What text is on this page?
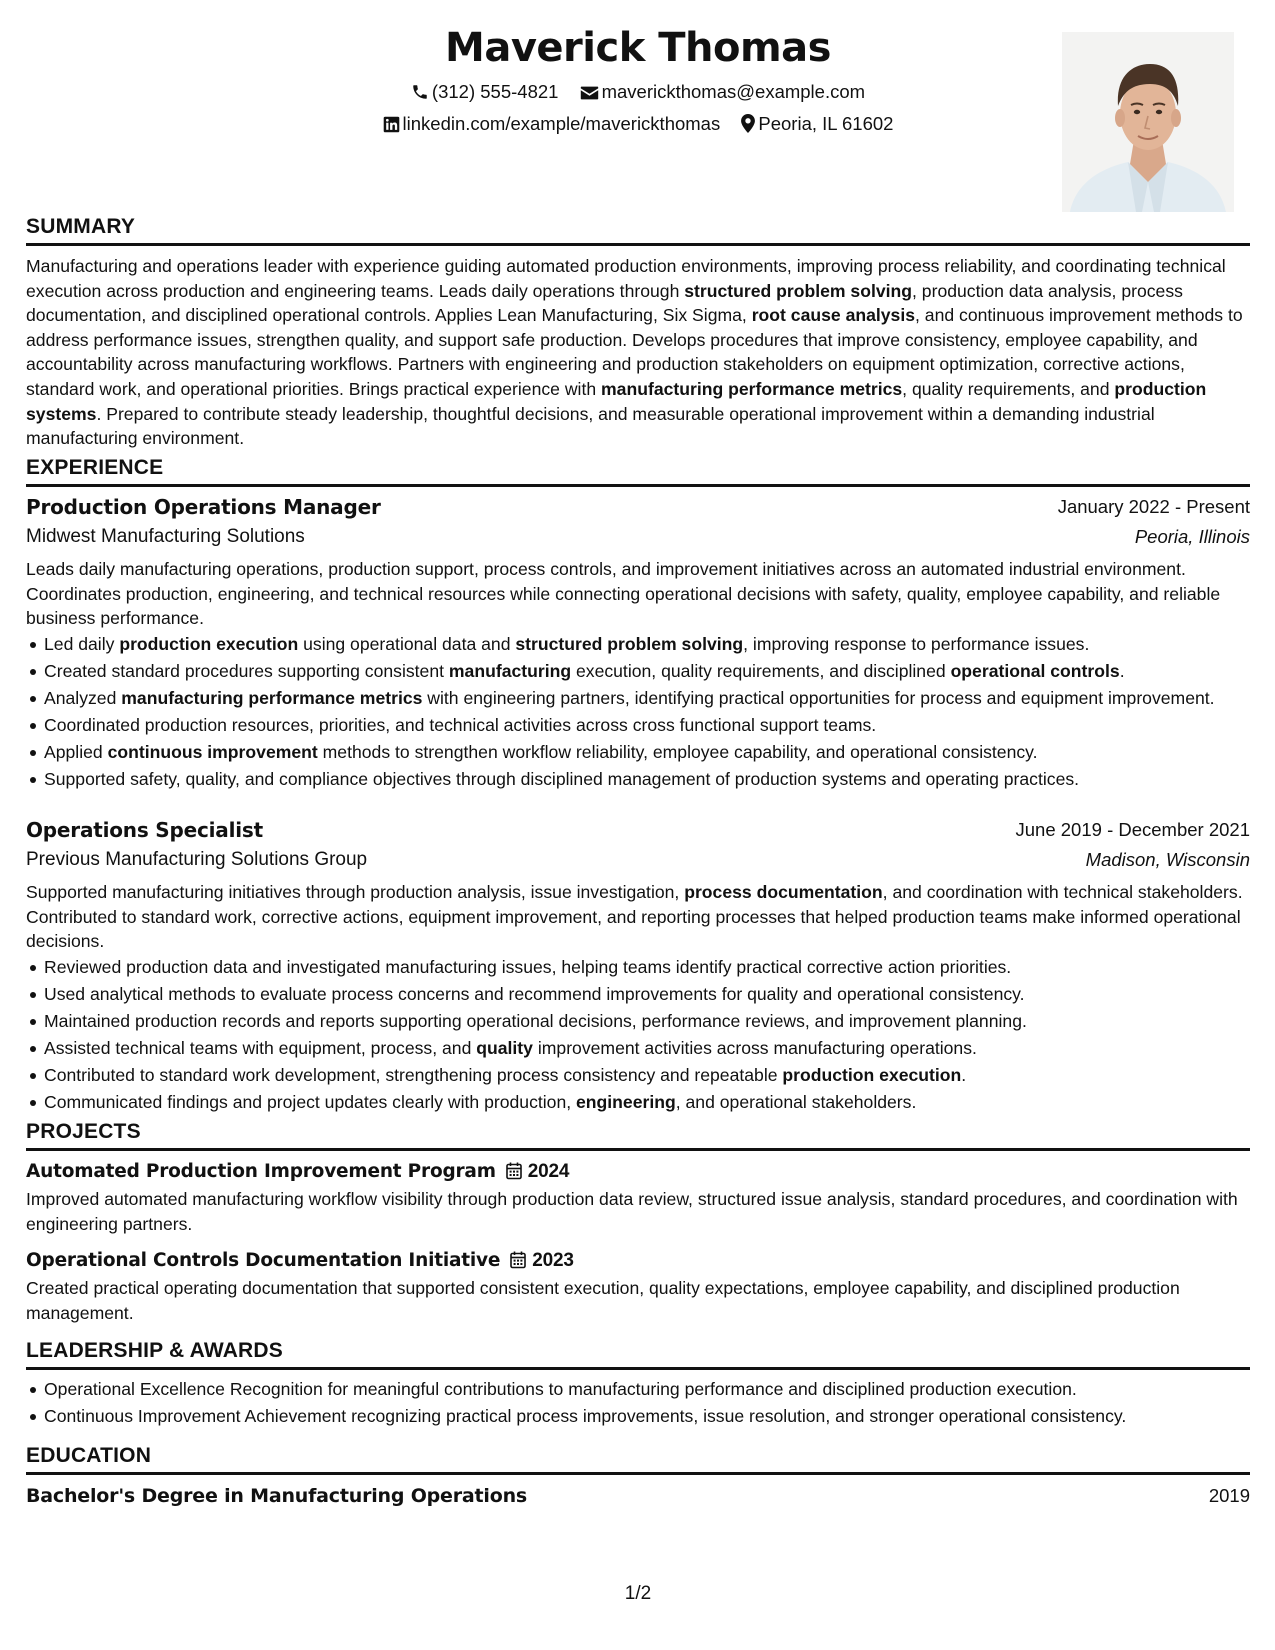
Maverick Thomas
(312) 555-4821 maverickthomas@example.com
linkedin.com/example/maverickthomas Peoria, IL 61602
SUMMARY

Manufacturing and operations leader with experience guiding automated production environments, improving process reliability, and coordinating technical execution across production and engineering teams. Leads daily operations through structured problem solving, production data analysis, process documentation, and disciplined operational controls. Applies Lean Manufacturing, Six Sigma, root cause analysis, and continuous improvement methods to address performance issues, strengthen quality, and support safe production. Develops procedures that improve consistency, employee capability, and accountability across manufacturing workflows. Partners with engineering and production stakeholders on equipment optimization, corrective actions, standard work, and operational priorities. Brings practical experience with manufacturing performance metrics, quality requirements, and production systems. Prepared to contribute steady leadership, thoughtful decisions, and measurable operational improvement within a demanding industrial manufacturing environment.

EXPERIENCE
Production Operations Manager	January 2022 - Present
Midwest Manufacturing Solutions	Peoria, Illinois

Leads daily manufacturing operations, production support, process controls, and improvement initiatives across an automated industrial environment. Coordinates production, engineering, and technical resources while connecting operational decisions with safety, quality, employee capability, and reliable business performance.

Led daily production execution using operational data and structured problem solving, improving response to performance issues.
Created standard procedures supporting consistent manufacturing execution, quality requirements, and disciplined operational controls.
Analyzed manufacturing performance metrics with engineering partners, identifying practical opportunities for process and equipment improvement.
Coordinated production resources, priorities, and technical activities across cross functional support teams.
Applied continuous improvement methods to strengthen workflow reliability, employee capability, and operational consistency.
Supported safety, quality, and compliance objectives through disciplined management of production systems and operating practices.
Operations Specialist	June 2019 - December 2021
Previous Manufacturing Solutions Group	Madison, Wisconsin

Supported manufacturing initiatives through production analysis, issue investigation, process documentation, and coordination with technical stakeholders. Contributed to standard work, corrective actions, equipment improvement, and reporting processes that helped production teams make informed operational decisions.

Reviewed production data and investigated manufacturing issues, helping teams identify practical corrective action priorities.
Used analytical methods to evaluate process concerns and recommend improvements for quality and operational consistency.
Maintained production records and reports supporting operational decisions, performance reviews, and improvement planning.
Assisted technical teams with equipment, process, and quality improvement activities across manufacturing operations.
Contributed to standard work development, strengthening process consistency and repeatable production execution.
Communicated findings and project updates clearly with production, engineering, and operational stakeholders.
PROJECTS
Automated Production Improvement Program 2024

Improved automated manufacturing workflow visibility through production data review, structured issue analysis, standard procedures, and coordination with engineering partners.

Operational Controls Documentation Initiative 2023

Created practical operating documentation that supported consistent execution, quality expectations, employee capability, and disciplined production management.

LEADERSHIP & AWARDS
Operational Excellence Recognition for meaningful contributions to manufacturing performance and disciplined production execution.
Continuous Improvement Achievement recognizing practical process improvements, issue resolution, and stronger operational consistency.
EDUCATION
Bachelor's Degree in Manufacturing Operations	2019
1/2
